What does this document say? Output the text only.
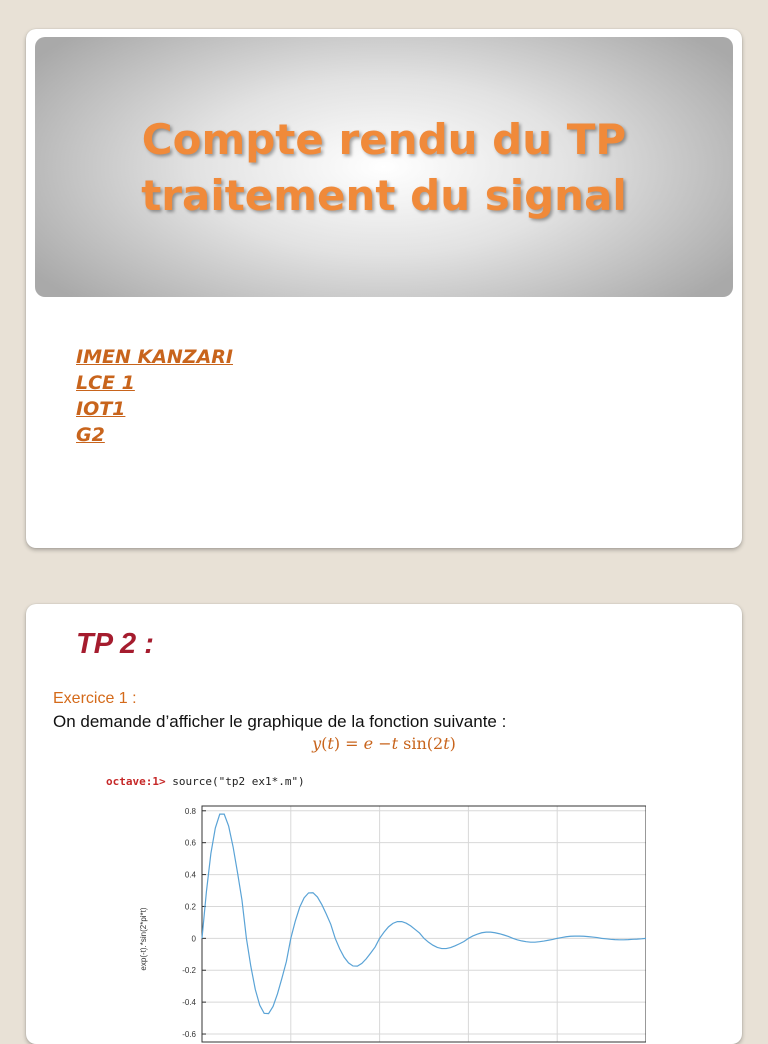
Compte rendu du TP
traitement du signal
IMEN KANZARI
LCE 1
IOT1
G2
TP 2 :
Exercice 1 :
On demande d’afficher le graphique de la fonction suivante :
y(t) = e −t sin(2t)
octave:1> source("tp2 ex1*.m")
0.8
0.6
0.4
0.2
0
-0.2
-0.4
-0.6
exp(-t).*sin(2*pi*t)
